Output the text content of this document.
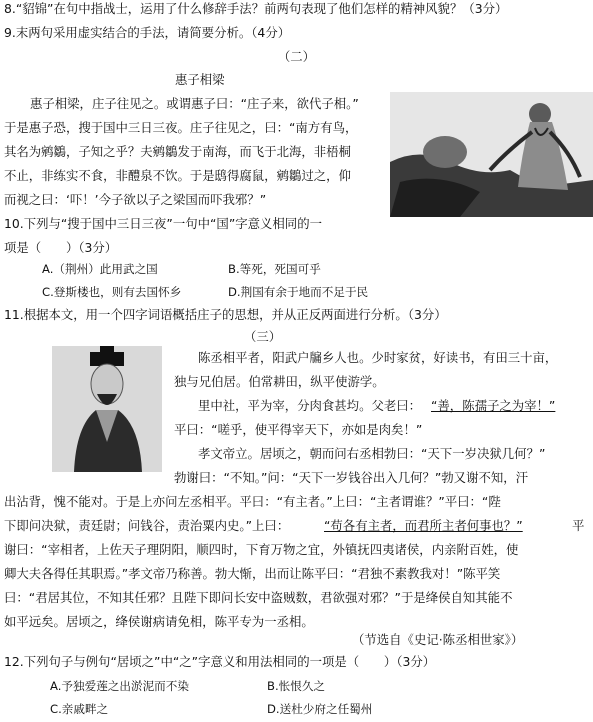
8.“貂锦”在句中指战士，运用了什么修辞手法？前两句表现了他们怎样的精神风貌？（3分）
9.末两句采用虚实结合的手法，请简要分析。（4分）
（二）
惠子相梁
惠子相梁，庄子往见之。或谓惠子曰：“庄子来，欲代子相。”
于是惠子恐，搜于国中三日三夜。庄子往见之，曰：“南方有鸟，
其名为鹓鶵，子知之乎？夫鹓鶵发于南海，而飞于北海，非梧桐
不止，非练实不食，非醴泉不饮。于是鸱得腐鼠，鹓鶵过之，仰
而视之曰：‘吓！’今子欲以子之梁国而吓我邪？”
10.下列与“搜于国中三日三夜”一句中“国”字意义相同的一
项是（　　）（3分）
A.（荆州）此用武之国	B.等死，死国可乎
C.登斯楼也，则有去国怀乡	D.荆国有余于地而不足于民
11.根据本文，用一个四字词语概括庄子的思想，并从正反两面进行分析。（3分）
（三）
陈丞相平者，阳武户牖乡人也。少时家贫，好读书，有田三十亩，
独与兄伯居。伯常耕田，纵平使游学。
里中社，平为宰，分肉食甚均。父老曰： “善，陈孺子之为宰！”
平曰：“嗟乎，使平得宰天下，亦如是肉矣！”
孝文帝立。居顷之，朝而问右丞相勃曰：“天下一岁决狱几何？”
勃谢曰：“不知。”问：“天下一岁钱谷出入几何？”勃又谢不知，汗
出沾背，愧不能对。于是上亦问左丞相平。平曰：“有主者。”上曰：“主者谓谁？”平曰：“陛
下即问决狱，责廷尉；问钱谷，责治粟内史。”上曰：	“苟各有主者，而君所主者何事也？”	平
谢曰：“宰相者，上佐天子理阴阳，顺四时，下育万物之宜，外镇抚四夷诸侯，内亲附百姓，使
卿大夫各得任其职焉。”孝文帝乃称善。勃大惭，出而让陈平曰：“君独不素教我对！”陈平笑
曰：“君居其位，不知其任邪？且陛下即问长安中盗贼数，君欲强对邪？”于是绛侯自知其能不
如平远矣。居顷之，绛侯谢病请免相，陈平专为一丞相。
（节选自《史记·陈丞相世家》）
12.下列句子与例句“居顷之”中“之”字意义和用法相同的一项是（　　）（3分）
A.予独爱莲之出淤泥而不染	B.怅恨久之
C.亲戚畔之	D.送杜少府之任蜀州
